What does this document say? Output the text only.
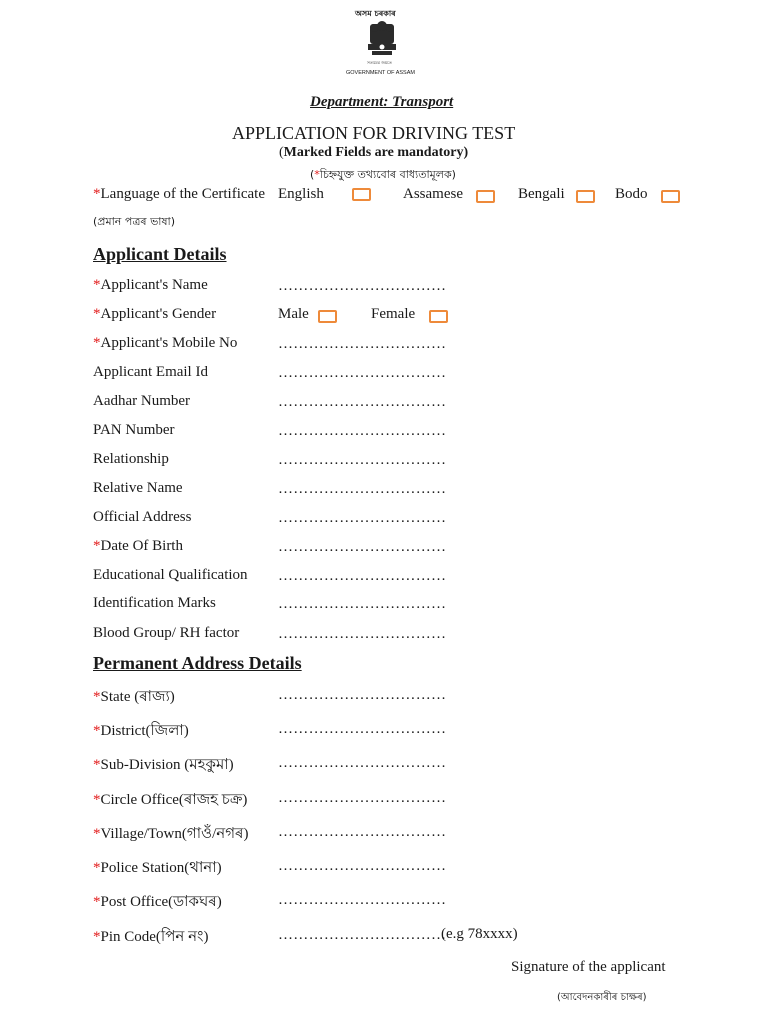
অসম চৰকাৰ
সত্যমেৱ জয়তে
GOVERNMENT OF ASSAM
Department: Transport
APPLICATION FOR DRIVING TEST
(Marked Fields are mandatory)
(*চিহ্নযুক্ত তথ্যবোৰ বাধ্যতামূলক)
*Language of the Certificate English	Assamese	Bengali	Bodo
(প্ৰমান পত্ৰৰ ভাষা)
Applicant Details
*Applicant's Name	……………………………
*Applicant's Gender	Male	Female
*Applicant's Mobile No	……………………………
Applicant Email Id	……………………………
Aadhar Number	……………………………
PAN Number	……………………………
Relationship	……………………………
Relative Name	……………………………
Official Address	……………………………
*Date Of Birth	……………………………
Educational Qualification ……………………………
Identification Marks	……………………………
Blood Group/ RH factor	……………………………
Permanent Address Details
*State (ৰাজ্য)	……………………………
*District(জিলা)	……………………………
*Sub-Division (মহকুমা)	……………………………
*Circle Office(ৰাজহ চক্ৰ) ……………………………
*Village/Town(গাওঁ/নগৰ) ……………………………
*Police Station(থানা)	……………………………
*Post Office(ডাকঘৰ)	……………………………
*Pin Code(পিন নং)	……………………………
(e.g 78xxxx)
Signature of the applicant
(আবেদনকাৰীৰ চাক্ষৰ)
